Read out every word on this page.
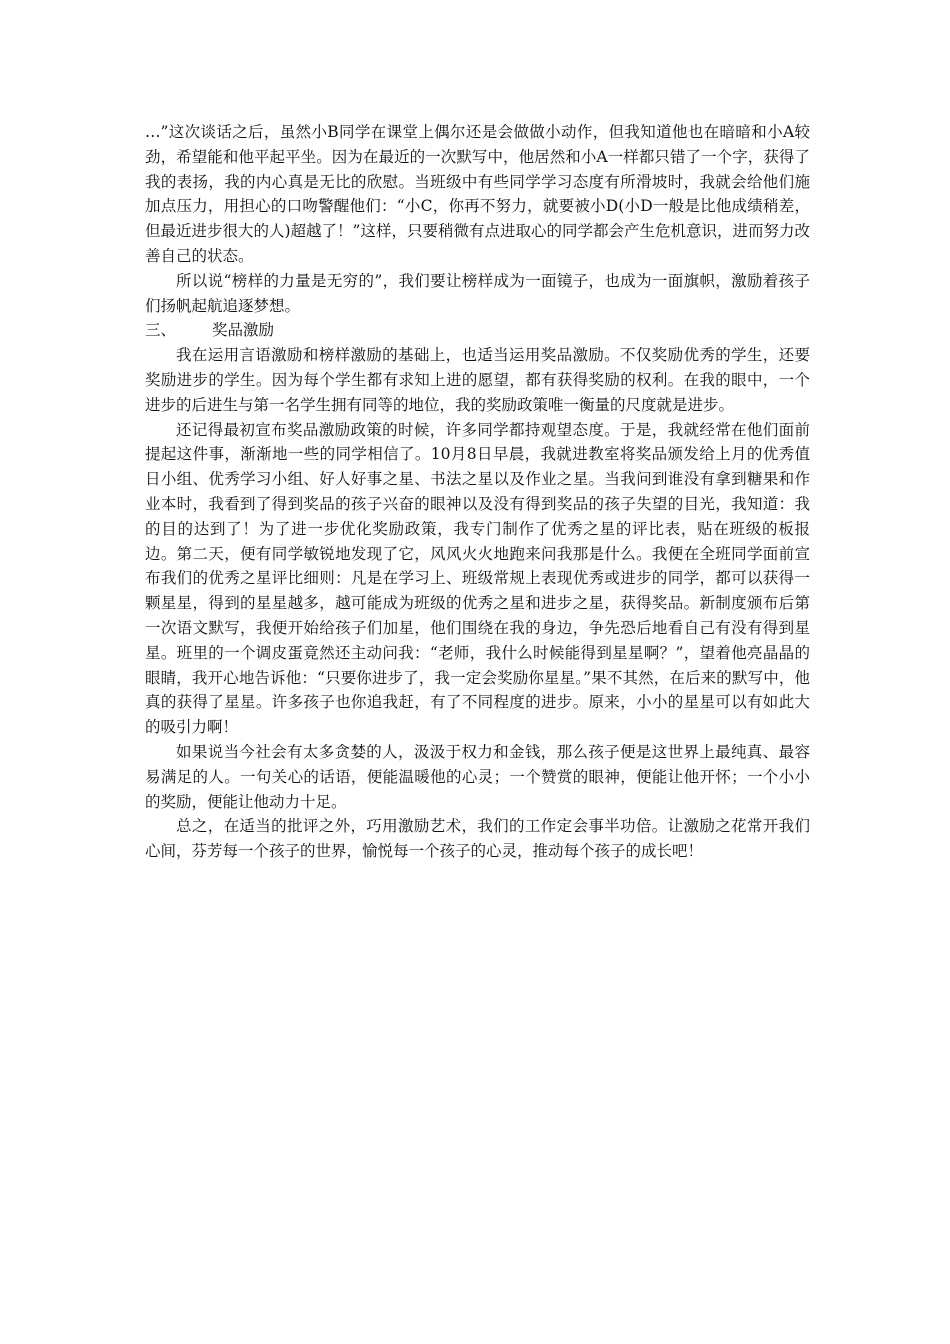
…”这次谈话之后，虽然小B同学在课堂上偶尔还是会做做小动作，但我知道他也在暗暗和小A较劲，希望能和他平起平坐。因为在最近的一次默写中，他居然和小A一样都只错了一个字，获得了我的表扬，我的内心真是无比的欣慰。当班级中有些同学学习态度有所滑坡时，我就会给他们施加点压力，用担心的口吻警醒他们：“小C，你再不努力，就要被小D(小D一般是比他成绩稍差，但最近进步很大的人)超越了！”这样，只要稍微有点进取心的同学都会产生危机意识，进而努力改善自己的状态。

所以说“榜样的力量是无穷的”，我们要让榜样成为一面镜子，也成为一面旗帜，激励着孩子们扬帆起航追逐梦想。

三、 奖品激励

我在运用言语激励和榜样激励的基础上，也适当运用奖品激励。不仅奖励优秀的学生，还要奖励进步的学生。因为每个学生都有求知上进的愿望，都有获得奖励的权利。在我的眼中，一个进步的后进生与第一名学生拥有同等的地位，我的奖励政策唯一衡量的尺度就是进步。

还记得最初宣布奖品激励政策的时候，许多同学都持观望态度。于是，我就经常在他们面前提起这件事，渐渐地一些的同学相信了。10月8日早晨，我就进教室将奖品颁发给上月的优秀值日小组、优秀学习小组、好人好事之星、书法之星以及作业之星。当我问到谁没有拿到糖果和作业本时，我看到了得到奖品的孩子兴奋的眼神以及没有得到奖品的孩子失望的目光，我知道：我的目的达到了！为了进一步优化奖励政策，我专门制作了优秀之星的评比表，贴在班级的板报边。第二天，便有同学敏锐地发现了它，风风火火地跑来问我那是什么。我便在全班同学面前宣布我们的优秀之星评比细则：凡是在学习上、班级常规上表现优秀或进步的同学，都可以获得一颗星星，得到的星星越多，越可能成为班级的优秀之星和进步之星，获得奖品。新制度颁布后第一次语文默写，我便开始给孩子们加星，他们围绕在我的身边，争先恐后地看自己有没有得到星星。班里的一个调皮蛋竟然还主动问我：“老师，我什么时候能得到星星啊？”，望着他亮晶晶的眼睛，我开心地告诉他：“只要你进步了，我一定会奖励你星星。”果不其然，在后来的默写中，他真的获得了星星。许多孩子也你追我赶，有了不同程度的进步。原来，小小的星星可以有如此大的吸引力啊！

如果说当今社会有太多贪婪的人，汲汲于权力和金钱，那么孩子便是这世界上最纯真、最容易满足的人。一句关心的话语，便能温暖他的心灵；一个赞赏的眼神，便能让他开怀；一个小小的奖励，便能让他动力十足。

总之，在适当的批评之外，巧用激励艺术，我们的工作定会事半功倍。让激励之花常开我们心间，芬芳每一个孩子的世界，愉悦每一个孩子的心灵，推动每个孩子的成长吧！
